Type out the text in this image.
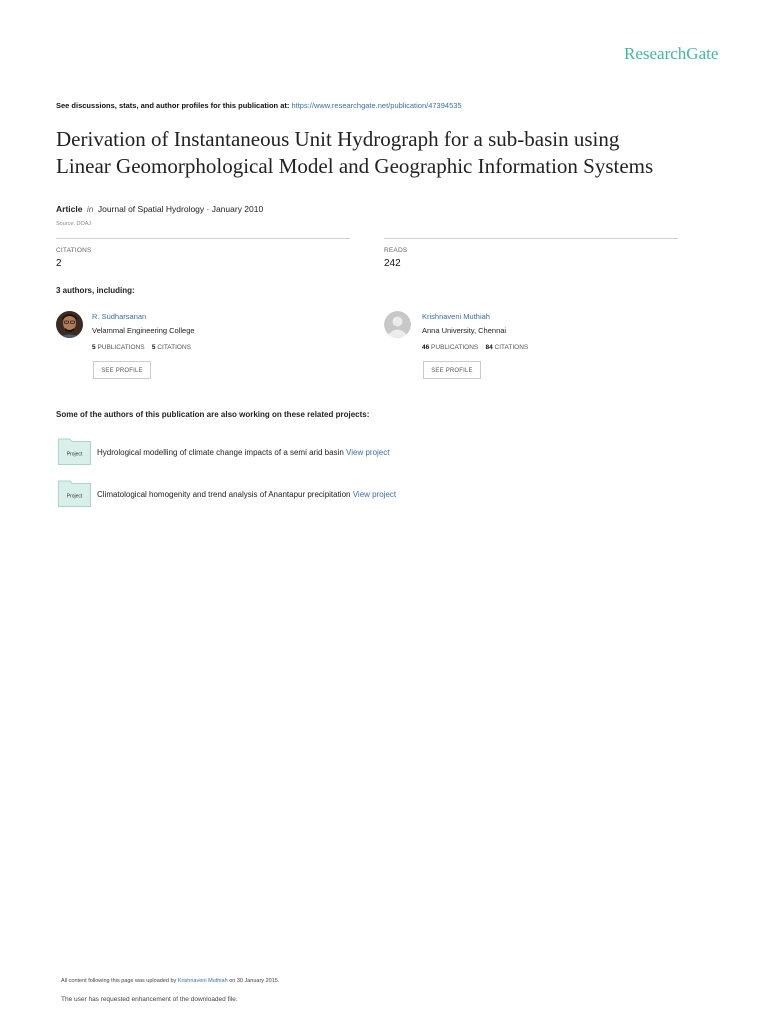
ResearchGate
See discussions, stats, and author profiles for this publication at: https://www.researchgate.net/publication/47394535
Derivation of Instantaneous Unit Hydrograph for a sub-basin using
Linear Geomorphological Model and Geographic Information Systems
Article in Journal of Spatial Hydrology · January 2010
Source: DOAJ
CITATIONS
2
READS
242
3 authors, including:
R. Sudharsanan
Velammal Engineering College
5 PUBLICATIONS 5 CITATIONS
SEE PROFILE
Krishnaveni Muthiah
Anna University, Chennai
46 PUBLICATIONS 84 CITATIONS
SEE PROFILE
Some of the authors of this publication are also working on these related projects:
Project Hydrological modelling of climate change impacts of a semi arid basin View project
Project Climatological homogenity and trend analysis of Anantapur precipitation View project
All content following this page was uploaded by Krishnaveni Muthiah on 30 January 2015.
The user has requested enhancement of the downloaded file.
